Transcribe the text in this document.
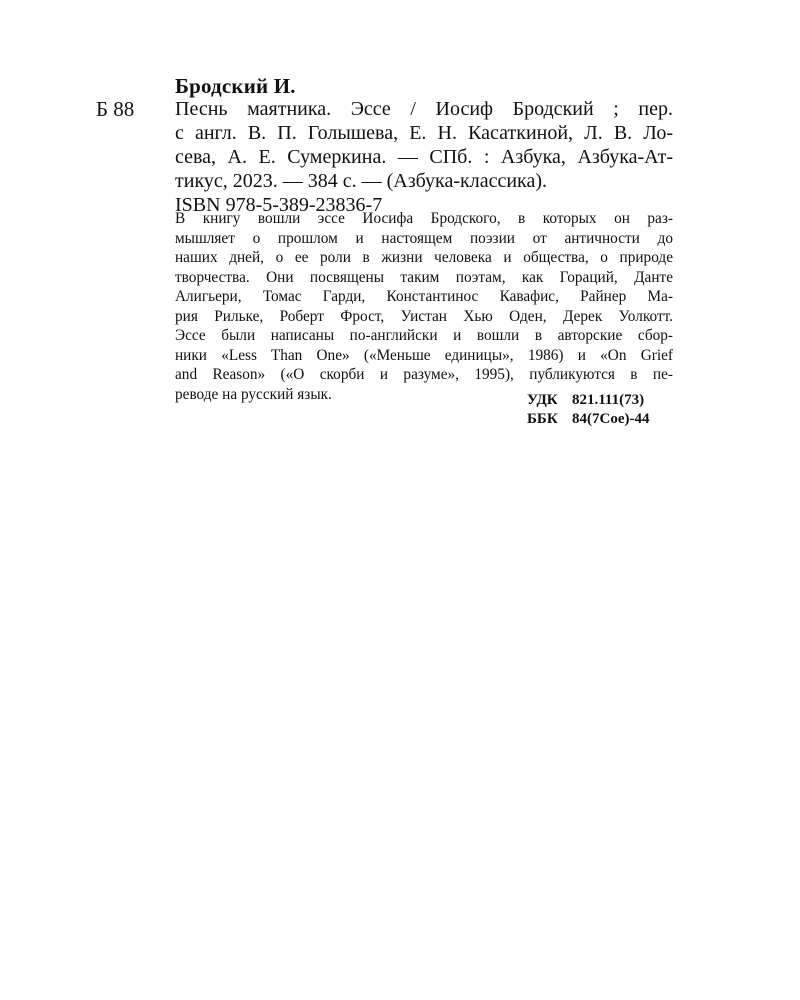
Бродский И.
Б 88 Песнь маятника. Эссе / Иосиф Бродский ; пер.
с англ. В. П. Голышева, Е. Н. Касаткиной, Л. В. Ло-
сева, А. Е. Сумеркина. — СПб. : Азбука, Азбука-Ат-
тикус, 2023. — 384 с. — (Азбука-классика).
ISBN 978-5-389-23836-7
В книгу вошли эссе Иосифа Бродского, в которых он раз-
мышляет о прошлом и настоящем поэзии от античности до
наших дней, о ее роли в жизни человека и общества, о природе
творчества. Они посвящены таким поэтам, как Гораций, Данте
Алигьери, Томас Гарди, Константинос Кавафис, Райнер Ма-
рия Рильке, Роберт Фрост, Уистан Хью Оден, Дерек Уолкотт.
Эссе были написаны по-английски и вошли в авторские сбор-
ники «Less Than One» («Меньше единицы», 1986) и «On Grief
and Reason» («О скорби и разуме», 1995), публикуются в пе-
реводе на русский язык.	УДК 821.111(73)
ББК 84(7Сое)-44
